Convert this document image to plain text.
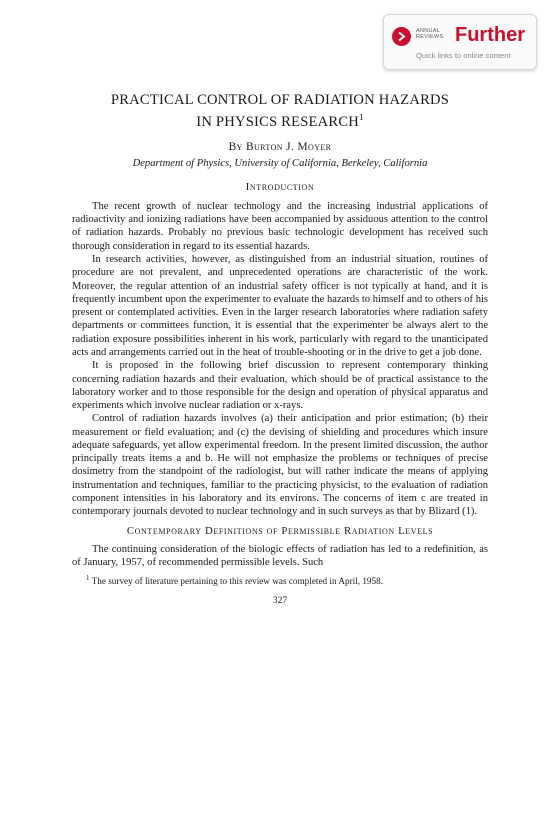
ANNUAL
REVIEWS Further
Quick links to online content
PRACTICAL CONTROL OF RADIATION HAZARDS
IN PHYSICS RESEARCH$^1$
By Burton J. Moyer
Department of Physics, University of California, Berkeley, California
Introduction

The recent growth of nuclear technology and the increasing industrial applications of radioactivity and ionizing radiations have been accompanied by assiduous attention to the control of radiation hazards. Probably no previous basic technologic development has received such thorough consideration in regard to its essential hazards.

In research activities, however, as distinguished from an industrial situation, routines of procedure are not prevalent, and unprecedented operations are characteristic of the work. Moreover, the regular attention of an industrial safety officer is not typically at hand, and it is frequently incumbent upon the experimenter to evaluate the hazards to himself and to others of his present or contemplated activities. Even in the larger research laboratories where radiation safety departments or committees function, it is essential that the experimenter be always alert to the radiation exposure possibilities inherent in his work, particularly with regard to the unanticipated acts and arrangements carried out in the heat of trouble-shooting or in the drive to get a job done.

It is proposed in the following brief discussion to represent contemporary thinking concerning radiation hazards and their evaluation, which should be of practical assistance to the laboratory worker and to those responsible for the design and operation of physical apparatus and experiments which involve nuclear radiation or x-rays.

Control of radiation hazards involves (a) their anticipation and prior estimation; (b) their measurement or field evaluation; and (c) the devising of shielding and procedures which insure adequate safeguards, yet allow experimental freedom. In the present limited discussion, the author principally treats items a and b. He will not emphasize the problems or techniques of precise dosimetry from the standpoint of the radiologist, but will rather indicate the means of applying instrumentation and techniques, familiar to the practicing physicist, to the evaluation of radiation component intensities in his laboratory and its environs. The concerns of item c are treated in contemporary journals devoted to nuclear technology and in such surveys as that by Blizard (1).

Contemporary Definitions of Permissible Radiation Levels

The continuing consideration of the biologic effects of radiation has led to a redefinition, as of January, 1957, of recommended permissible levels. Such

$^1$ The survey of literature pertaining to this review was completed in April, 1958.

327
